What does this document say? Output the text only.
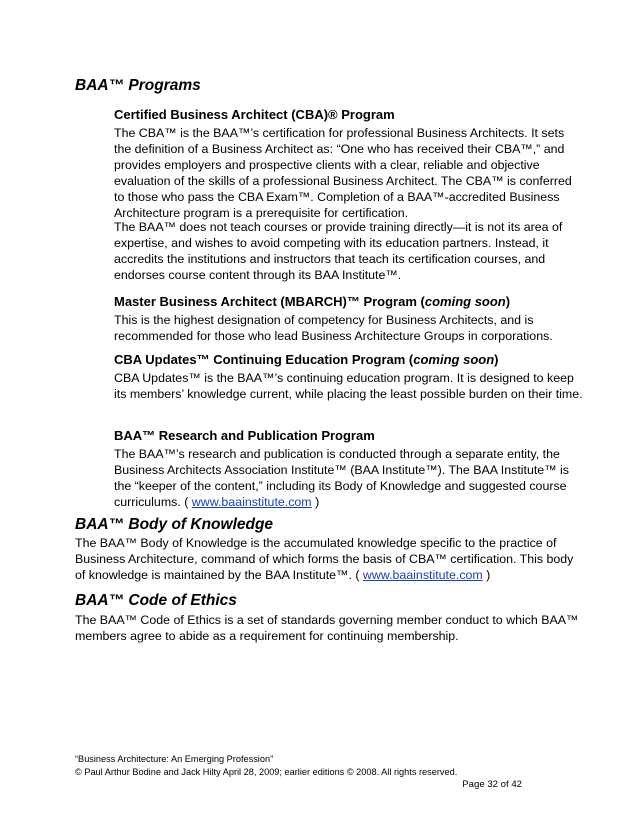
BAA™ Programs
Certified Business Architect (CBA)® Program

The CBA™ is the BAA™’s certification for professional Business Architects. It sets the definition of a Business Architect as: “One who has received their CBA™,” and provides employers and prospective clients with a clear, reliable and objective evaluation of the skills of a professional Business Architect. The CBA™ is conferred to those who pass the CBA Exam™. Completion of a BAA™-accredited Business Architecture program is a prerequisite for certification.

The BAA™ does not teach courses or provide training directly—it is not its area of expertise, and wishes to avoid competing with its education partners. Instead, it accredits the institutions and instructors that teach its certification courses, and endorses course content through its BAA Institute™.

Master Business Architect (MBARCH)™ Program (coming soon)

This is the highest designation of competency for Business Architects, and is recommended for those who lead Business Architecture Groups in corporations.

CBA Updates™ Continuing Education Program (coming soon)

CBA Updates™ is the BAA™’s continuing education program. It is designed to keep its members’ knowledge current, while placing the least possible burden on their time.

BAA™ Research and Publication Program

The BAA™’s research and publication is conducted through a separate entity, the Business Architects Association Institute™ (BAA Institute™). The BAA Institute™ is the “keeper of the content,” including its Body of Knowledge and suggested course curriculums. ( www.baainstitute.com )

BAA™ Body of Knowledge

The BAA™ Body of Knowledge is the accumulated knowledge specific to the practice of Business Architecture, command of which forms the basis of CBA™ certification. This body of knowledge is maintained by the BAA Institute™. ( www.baainstitute.com )

BAA™ Code of Ethics

The BAA™ Code of Ethics is a set of standards governing member conduct to which BAA™ members agree to abide as a requirement for continuing membership.

“Business Architecture: An Emerging Profession”
© Paul Arthur Bodine and Jack Hilty April 28, 2009; earlier editions © 2008. All rights reserved.
Page 32 of 42
